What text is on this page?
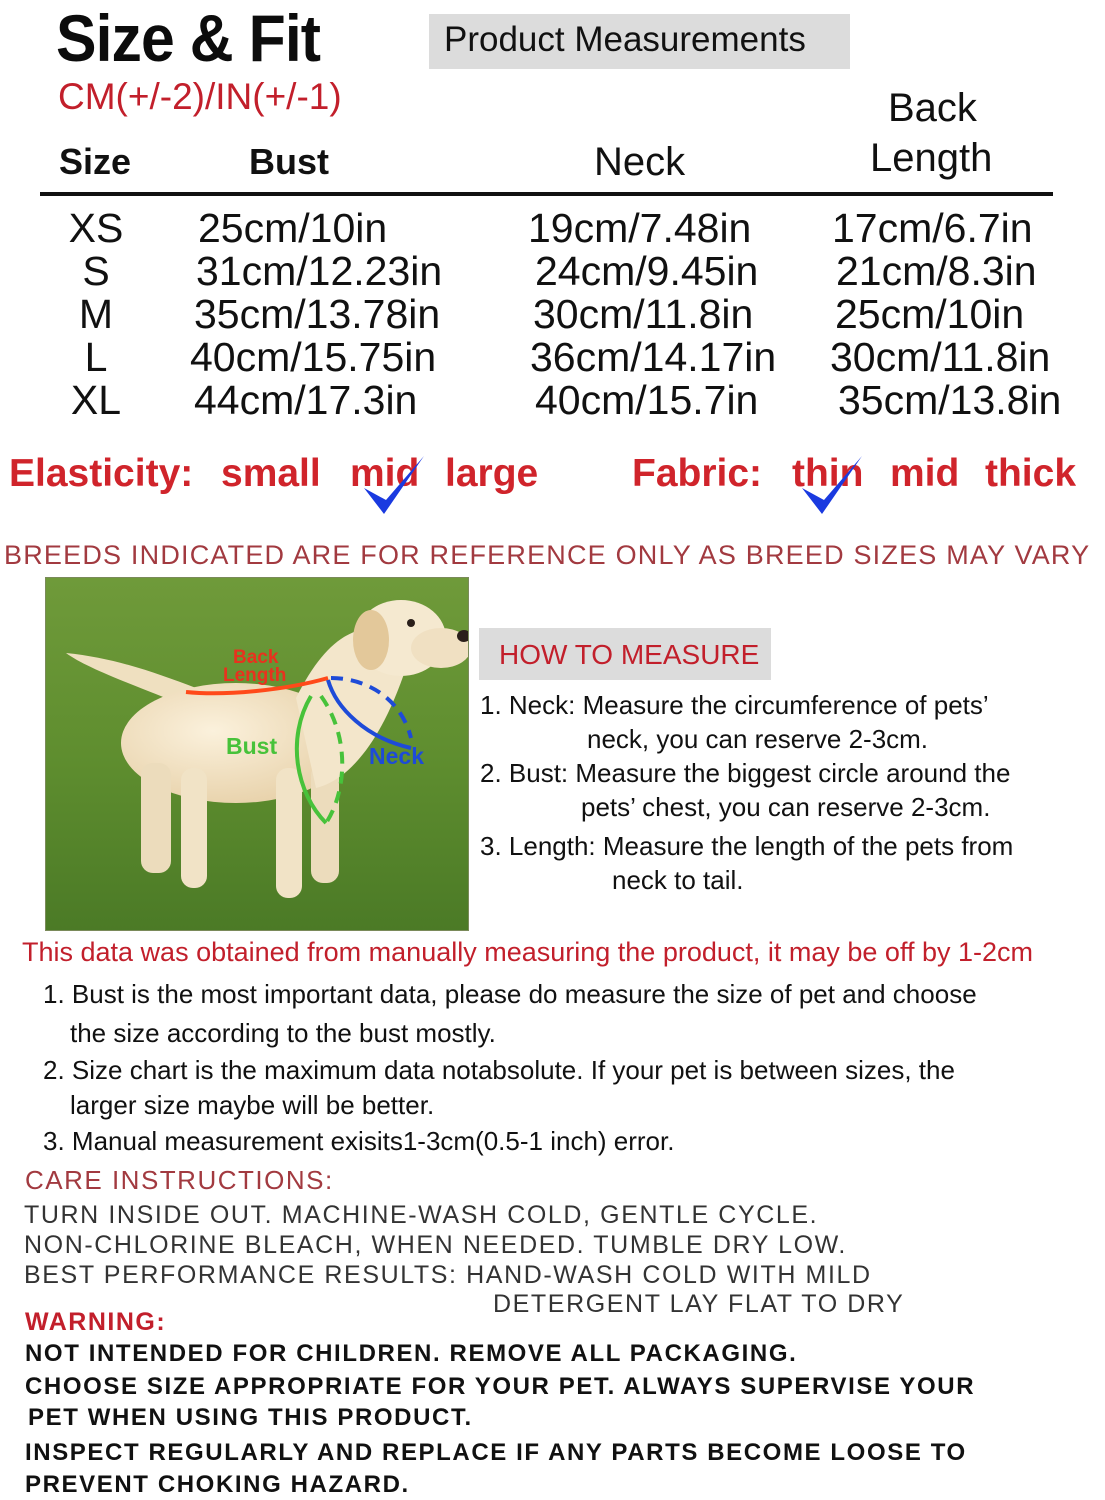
Size & Fit
CM(+/-2)/IN(+/-1)
Product Measurements
Size	Bust	Neck
Back
Length
XS 25cm/10in	19cm/7.48in 17cm/6.7in
S	31cm/12.23in 24cm/9.45in 21cm/8.3in
M	35cm/13.78in 30cm/11.8in 25cm/10in
L	40cm/15.75in 36cm/14.17in 30cm/11.8in
XL 44cm/17.3in	40cm/15.7in 35cm/13.8in
Elasticity: small mid large Fabric: thin mid thick
BREEDS INDICATED ARE FOR REFERENCE ONLY AS BREED SIZES MAY VARY
Back
Length
Bust	Neck
HOW TO MEASURE
1. Neck: Measure the circumference of pets’
neck, you can reserve 2-3cm.
2. Bust: Measure the biggest circle around the
pets’ chest, you can reserve 2-3cm.
3. Length: Measure the length of the pets from
neck to tail.
This data was obtained from manually measuring the product, it may be off by 1-2cm
1. Bust is the most important data, please do measure the size of pet and choose
the size according to the bust mostly.
2. Size chart is the maximum data notabsolute. If your pet is between sizes, the
larger size maybe will be better.
3. Manual measurement exisits1-3cm(0.5-1 inch) error.
CARE INSTRUCTIONS:
TURN INSIDE OUT. MACHINE-WASH COLD, GENTLE CYCLE.
NON-CHLORINE BLEACH, WHEN NEEDED. TUMBLE DRY LOW.
BEST PERFORMANCE RESULTS: HAND-WASH COLD WITH MILD
DETERGENT LAY FLAT TO DRY
WARNING:
NOT INTENDED FOR CHILDREN. REMOVE ALL PACKAGING.
CHOOSE SIZE APPROPRIATE FOR YOUR PET. ALWAYS SUPERVISE YOUR
PET WHEN USING THIS PRODUCT.
INSPECT REGULARLY AND REPLACE IF ANY PARTS BECOME LOOSE TO
PREVENT CHOKING HAZARD.
